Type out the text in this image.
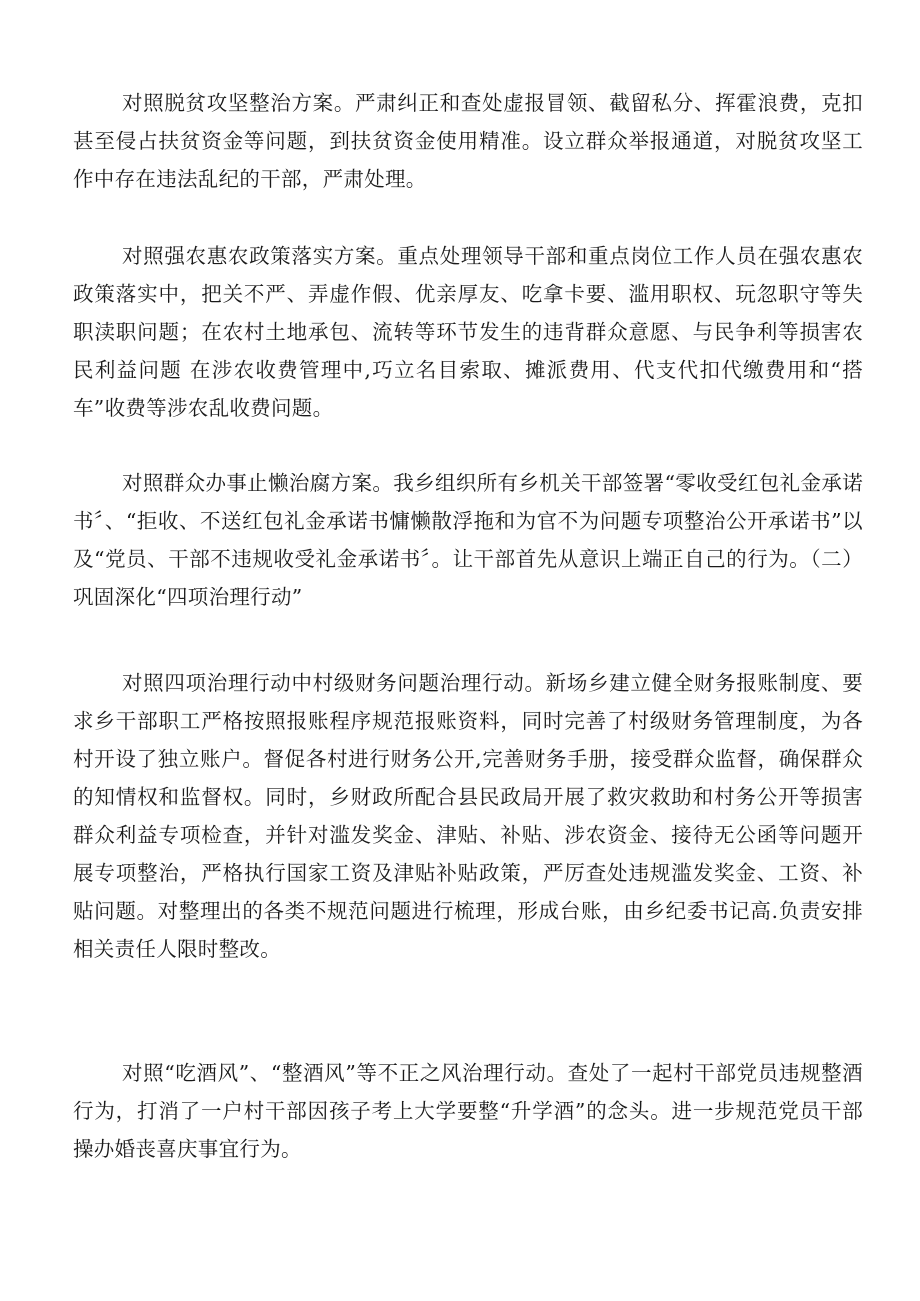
对照脱贫攻坚整治方案。严肃纠正和查处虚报冒领、截留私分、挥霍浪费，克扣甚至侵占扶贫资金等问题，到扶贫资金使用精准。设立群众举报通道，对脱贫攻坚工作中存在违法乱纪的干部，严肃处理。

对照强农惠农政策落实方案。重点处理领导干部和重点岗位工作人员在强农惠农政策落实中，把关不严、弄虚作假、优亲厚友、吃拿卡要、滥用职权、玩忽职守等失职渎职问题；在农村土地承包、流转等环节发生的违背群众意愿、与民争利等损害农民利益问题 在涉农收费管理中,巧立名目索取、摊派费用、代支代扣代缴费用和“搭车”收费等涉农乱收费问题。

对照群众办事止懒治腐方案。我乡组织所有乡机关干部签署“零收受红包礼金承诺书〞、“拒收、不送红包礼金承诺书慵懒散浮拖和为官不为问题专项整治公开承诺书”以及“党员、干部不违规收受礼金承诺书〞。让干部首先从意识上端正自己的行为。（二）巩固深化“四项治理行动”

对照四项治理行动中村级财务问题治理行动。新场乡建立健全财务报账制度、要求乡干部职工严格按照报账程序规范报账资料，同时完善了村级财务管理制度，为各村开设了独立账户。督促各村进行财务公开,完善财务手册，接受群众监督，确保群众的知情权和监督权。同时，乡财政所配合县民政局开展了救灾救助和村务公开等损害群众利益专项检查，并针对滥发奖金、津贴、补贴、涉农资金、接待无公函等问题开展专项整治，严格执行国家工资及津贴补贴政策，严厉查处违规滥发奖金、工资、补贴问题。对整理出的各类不规范问题进行梳理，形成台账，由乡纪委书记高.负责安排相关责任人限时整改。

对照“吃酒风”、“整酒风”等不正之风治理行动。查处了一起村干部党员违规整酒行为，打消了一户村干部因孩子考上大学要整“升学酒”的念头。进一步规范党员干部操办婚丧喜庆事宜行为。
